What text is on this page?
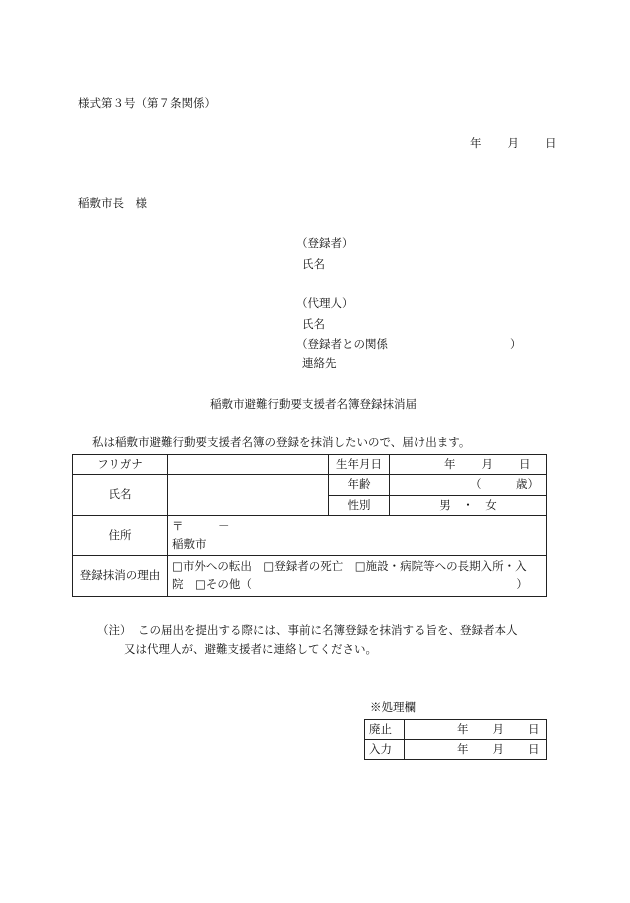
様式第３号（第７条関係）
年 月 日
稲敷市長　様
（登録者）
氏名
（代理人）
氏名
（登録者との関係	）
連絡先
稲敷市避難行動要支援者名簿登録抹消届
私は稲敷市避難行動要支援者名簿の登録を抹消したいので、届け出ます。
フリガナ		生年月日	年 月 日

氏名		年齢	（　　　歳）
		性別	男　・　女
住所	〒　　　－
稲敷市		

登録抹消の理由	□市外への転出　□登録者の死亡　□施設・病院等への長期入所・入
院　□その他（　　　　　　　　　　　　　　　　　　　　　　　）		
（注） この届出を提出する際には、事前に名簿登録を抹消する旨を、登録者本人
又は代理人が、避難支援者に連絡してください。
※処理欄
廃止	年 月 日

入力	年 月 日
